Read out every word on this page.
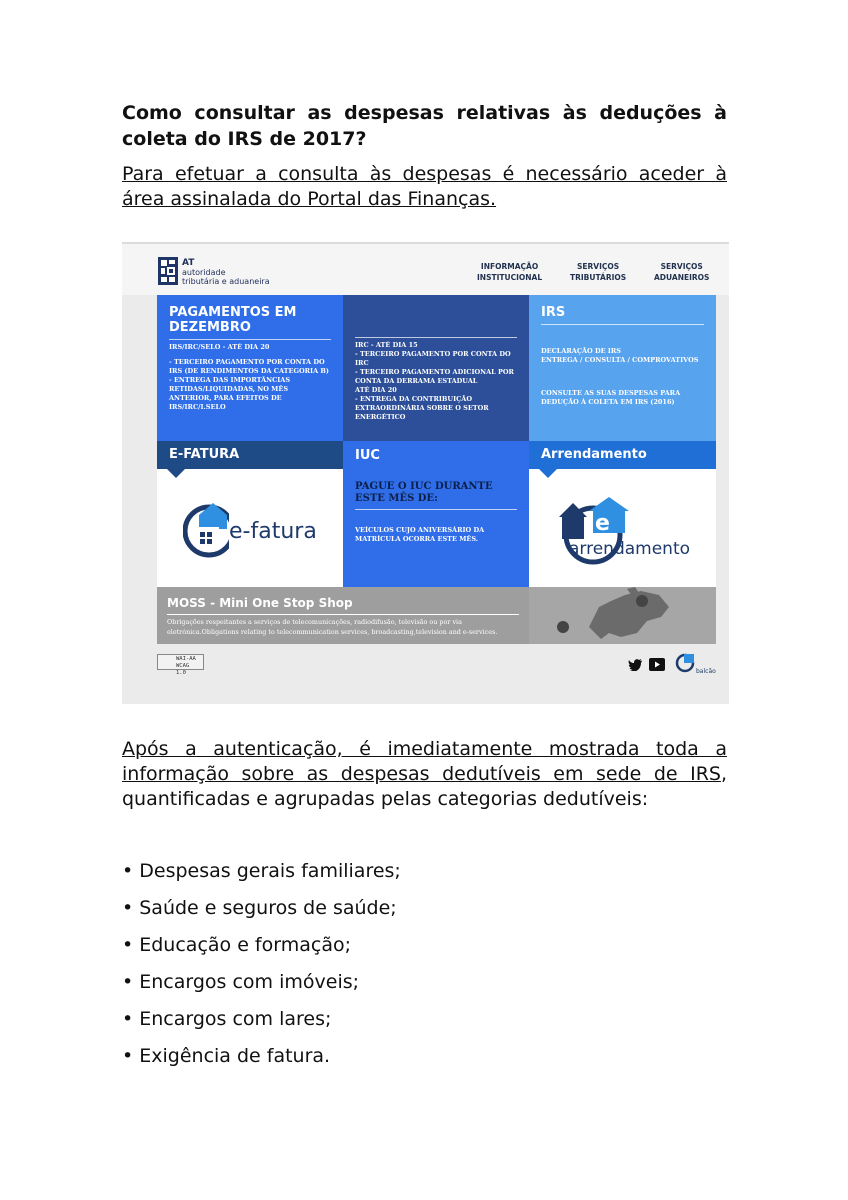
Como consultar as despesas relativas às deduções à coleta do IRS de 2017?

Para efetuar a consulta às despesas é necessário aceder à área assinalada do Portal das Finanças.

AT
autoridade
tributária e aduaneira
INFORMAÇÃO
INSTITUCIONAL
SERVIÇOS
TRIBUTÁRIOS
SERVIÇOS
ADUANEIROS
PAGAMENTOS EM DEZEMBRO

IRS/IRC/SELO - ATÉ DIA 20

- TERCEIRO PAGAMENTO POR CONTA DO IRS (DE RENDIMENTOS DA CATEGORIA B)
- ENTREGA DAS IMPORTÂNCIAS RETIDAS/LIQUIDADAS, NO MÊS ANTERIOR, PARA EFEITOS DE IRS/IRC/I.SELO

IRC - ATÉ DIA 15

- TERCEIRO PAGAMENTO POR CONTA DO IRC
- TERCEIRO PAGAMENTO ADICIONAL POR CONTA DA DERRAMA ESTADUAL
ATÉ DIA 20
- ENTREGA DA CONTRIBUIÇÃO EXTRAORDINÁRIA SOBRE O SETOR ENERGÉTICO

IRS

DECLARAÇÃO DE IRS

ENTREGA / CONSULTA / COMPROVATIVOS

CONSULTE AS SUAS DESPESAS PARA DEDUÇÃO À COLETA EM IRS (2016)

E-FATURA	IUC	Arrendamento
e-fatura
PAGUE O IUC DURANTE ESTE MÊS DE:

VEÍCULOS CUJO ANIVERSÁRIO DA MATRÍCULA OCORRA ESTE MÊS.

e
arrendamento
MOSS - Mini One Stop Shop

Obrigações respeitantes a serviços de telecomunicações, radiodifusão, televisão ou por via eletrónica.Obligations relating to telecommunication services, broadcasting,television and e-services.

WAI-AA
WCAG 1.0	balcão

Após a autenticação, é imediatamente mostrada toda a informação sobre as despesas dedutíveis em sede de IRS, quantificadas e agrupadas pelas categorias dedutíveis:

• Despesas gerais familiares;
• Saúde e seguros de saúde;
• Educação e formação;
• Encargos com imóveis;
• Encargos com lares;
• Exigência de fatura.
